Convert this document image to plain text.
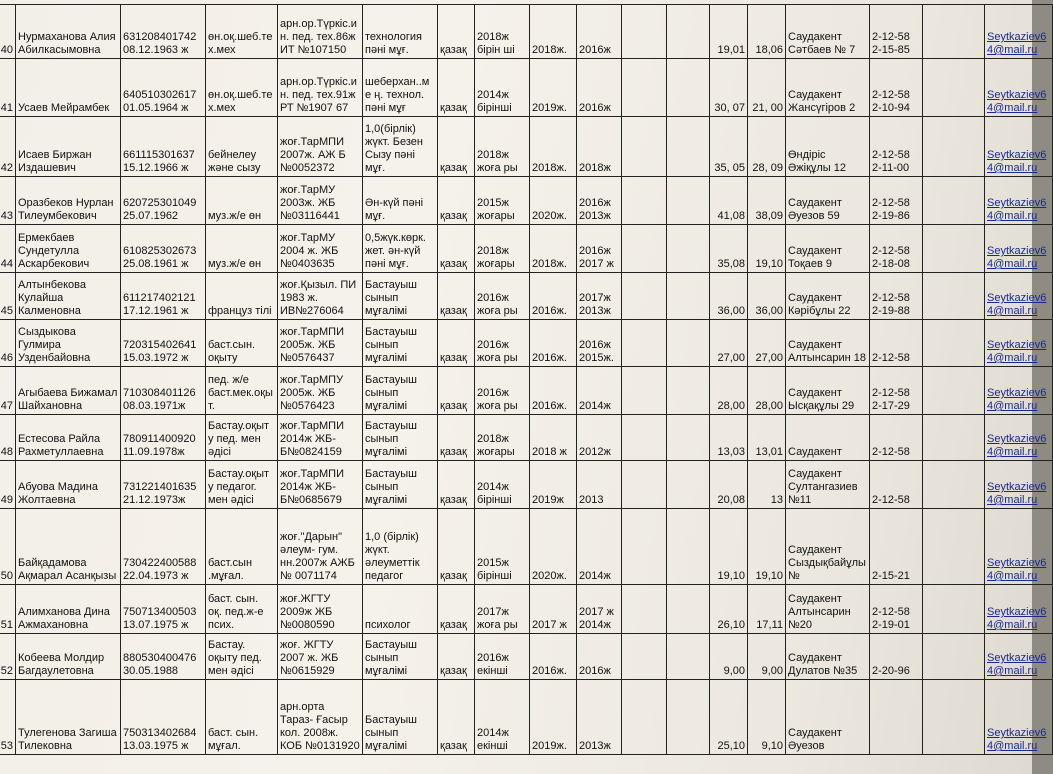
40	Нурмаханова Алия Абилкасымовна	631208401742 08.12.1963 ж	өн.оқ.шеб.те х.мех	арн.ор.Түркіс.и н. пед. тех.86ж ИТ №107150	технология пәні мұғ.	қазақ	2018ж бірін ші	2018ж.	2016ж			19,01	18,06	Саудакент Сәтбаев № 7	2-12-58 2-15-85		Seytkaziev64@mail.ru
41	Усаев Мейрамбек	640510302617 01.05.1964 ж	өн.оқ.шеб.те х.мех	арн.ор.Түркіс.и н. пед. тех.91ж РТ №1907 67	шеберхан..ме ң. технол. пәні мұғ	қазақ	2014ж бірінші	2019ж.	2016ж			30, 07	21, 00	Саудакент Жансүгіров 2	2-12-58 2-10-94		Seytkaziev64@mail.ru
42	Исаев Биржан Издашевич	661115301637 15.12.1966 ж	бейнелеу және сызу	жоғ.ТарМПИ 2007ж. АЖ Б №0052372	1,0(бірлік) жүкт. Безен Сызу пәні мұғ.	қазақ	2018ж жоға ры	2018ж.	2018ж			35, 05	28, 09	Өндіріс Әжіқұлы 12	2-12-58 2-11-00		Seytkaziev64@mail.ru
43	Оразбеков Нурлан Тилеумбекович	620725301049 25.07.1962	муз.ж/е өн	жоғ.ТарМУ 2003ж. ЖБ №03116441	Ән-күй пәні мұғ.	қазақ	2015ж жоғары	2020ж.	2016ж 2013ж			41,08	38,09	Саудакент Әуезов 59	2-12-58 2-19-86		Seytkaziev64@mail.ru
44	Ермекбаев Сундетулла Аскарбекович	610825302673 25.08.1961 ж	муз.ж/е өн	жоғ.ТарМУ 2004 ж. ЖБ №0403635	0,5жүк.көрк. жет. ән-күй пәні мұғ.	қазақ	2018ж жоғары	2018ж.	2016ж 2017 ж			35,08	19,10	Саудакент Тоқаев 9	2-12-58 2-18-08		Seytkaziev64@mail.ru
45	Алтынбекова Кулайша Калменовна	611217402121 17.12.1961 ж	француз тілі	жоғ.Қызыл. ПИ 1983 ж. ИВ№276064	Бастауыш сынып мұғалімі	қазақ	2016ж жоға ры	2016ж.	2017ж 2013ж			36,00	36,00	Саудакент Кәрібұлы 22	2-12-58 2-19-88		Seytkaziev64@mail.ru
46	Сыздыкова Гулмира Узденбайовна	720315402641 15.03.1972 ж	баст.сын. оқыту	жоғ.ТарМПИ 2005ж. ЖБ №0576437	Бастауыш сынып мұғалімі	қазақ	2016ж жоға ры	2016ж.	2016ж 2015ж.			27,00	27,00	Саудакент Алтынсарин 18	2-12-58		Seytkaziev64@mail.ru
47	Агыбаева Бижамал Шайхановна	710308401126 08.03.1971ж	пед. ж/е баст.мек.оқы т.	жоғ.ТарМПУ 2005ж. ЖБ №0576423	Бастауыш сынып мұғалімі	қазақ	2016ж жоға ры	2016ж.	2014ж			28,00	28,00	Саудакент Ысқақұлы 29	2-12-58 2-17-29		Seytkaziev64@mail.ru
48	Естесова Райла Рахметуллаевна	780911400920 11.09.1978ж	Бастау.оқыт у пед. мен әдісі	жоғ.ТарМПИ 2014ж ЖБ-Б№0824159	Бастауыш сынып мұғалімі	қазақ	2018ж жоғары	2018 ж	2012ж			13,03	13,01	Саудакент	2-12-58		Seytkaziev64@mail.ru
49	Абуова Мадина Жолтаевна	731221401635 21.12.1973ж	Бастау.оқыт у педагог. мен әдісі	жоғ.ТарМПИ 2014ж ЖБ-Б№0685679	Бастауыш сынып мұғалімі	қазақ	2014ж бірінші	2019ж	2013			20,08	13	Саудакент Султангазиев №11	2-12-58		Seytkaziev64@mail.ru
50	Байқадамова Ақмарал Асанқызы	730422400588 22.04.1973 ж	баст.сын .мұғал.	жоғ."Дарын" әлеум- гум. нн.2007ж АЖБ № 0071174	1,0 (бірлік) жүкт. әлеуметтік педагог	қазақ	2015ж бірінші	2020ж.	2014ж			19,10	19,10	Саудакент Сыздықбайұлы №	2-15-21		Seytkaziev64@mail.ru
51	Алимханова Дина Ажмахановна	750713400503 13.07.1975 ж	баст. сын. оқ. пед.ж-е псих.	жоғ.ЖГТУ 2009ж ЖБ №0080590	психолог	қазақ	2017ж жоға ры	2017 ж	2017 ж 2014ж			26,10	17,11	Саудакент Алтынсарин №20	2-12-58 2-19-01		Seytkaziev64@mail.ru
52	Кобеева Молдир Багдаулетовна	880530400476 30.05.1988	Бастау. оқыту пед. мен әдісі	жоғ. ЖГТУ 2007 ж. ЖБ №0615929	Бастауыш сынып мұғалімі	қазақ	2016ж екінші	2016ж.	2016ж			9,00	9,00	Саудакент Дулатов №35	2-20-96		Seytkaziev64@mail.ru
53	Тулегенова Загиша Тилековна	750313402684 13.03.1975 ж	баст. сын. мұғал.	арн.орта Тараз- Ғасыр кол. 2008ж. КОБ №0131920	Бастауыш сынып мұғалімі	қазақ	2014ж екінші	2019ж.	2013ж			25,10	9,10	Саудакент Әуезов			Seytkaziev64@mail.ru
